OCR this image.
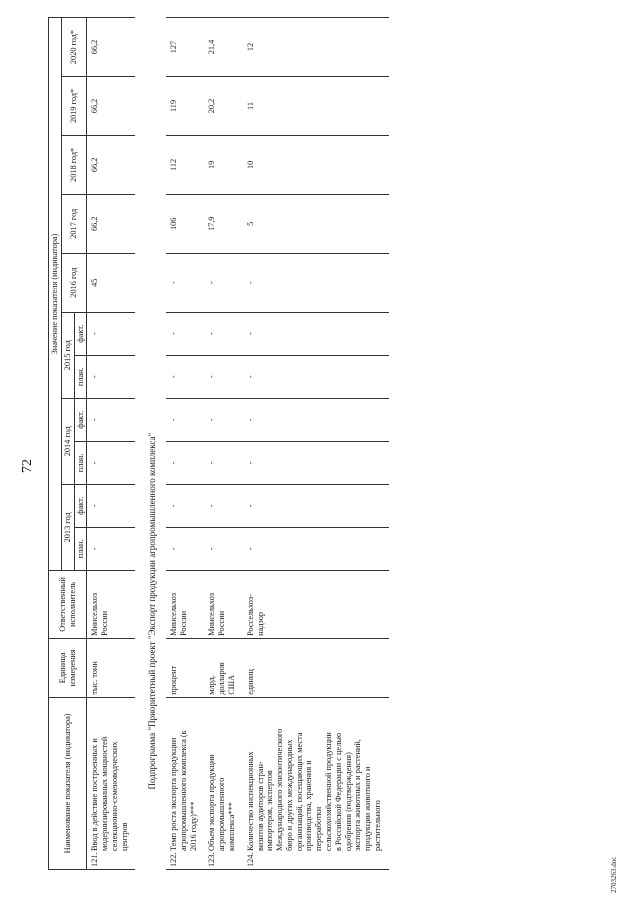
72
2703263.doc
Наименование показателя (индикатора)	Единица измерения	Ответственный исполнитель	Значение показателя (индикатора)										
			2013 год		2014 год		2015 год		2016 год	2017 год	2018 год*	2019 год*	2020 год*
			план.	факт.	план.	факт.	план.	факт.					
121.Ввод в действие построенных и модернизированных мощностей селекционно-семеноводческих центров	тыс. тонн	Минсельхоз России	-	-	-	-	-	-	45	66,2	66,2	66,2	66,2
Подпрограмма "Приоритетный проект "Экспорт продукции агропромышленного комплекса"													
122.Темп роста экспорта продукции агропромышленного комплекса (к 2016 году)***	процент	Минсельхоз России	-	-	-	-	-	-	-	106	112	119	127
123.Объем экспорта продукции агропромышленного комплекса***	млрд. долларов США	Минсельхоз России	-	-	-	-	-	-	-	17,9	19	20,2	21,4
124.Количество инспекционных визитов аудиторов стран-импортеров, экспертов Международного эпизоотического бюро и других международных организаций, посещающих места производства, хранения и переработки сельскохозяйственной продукции в Российской Федерации с целью одобрения (подтверждения) экспорта животных и растений, продукции животного и растительного	единиц	Россельхоз-надзор	-	-	-	-	-	-	-	5	10	11	12
